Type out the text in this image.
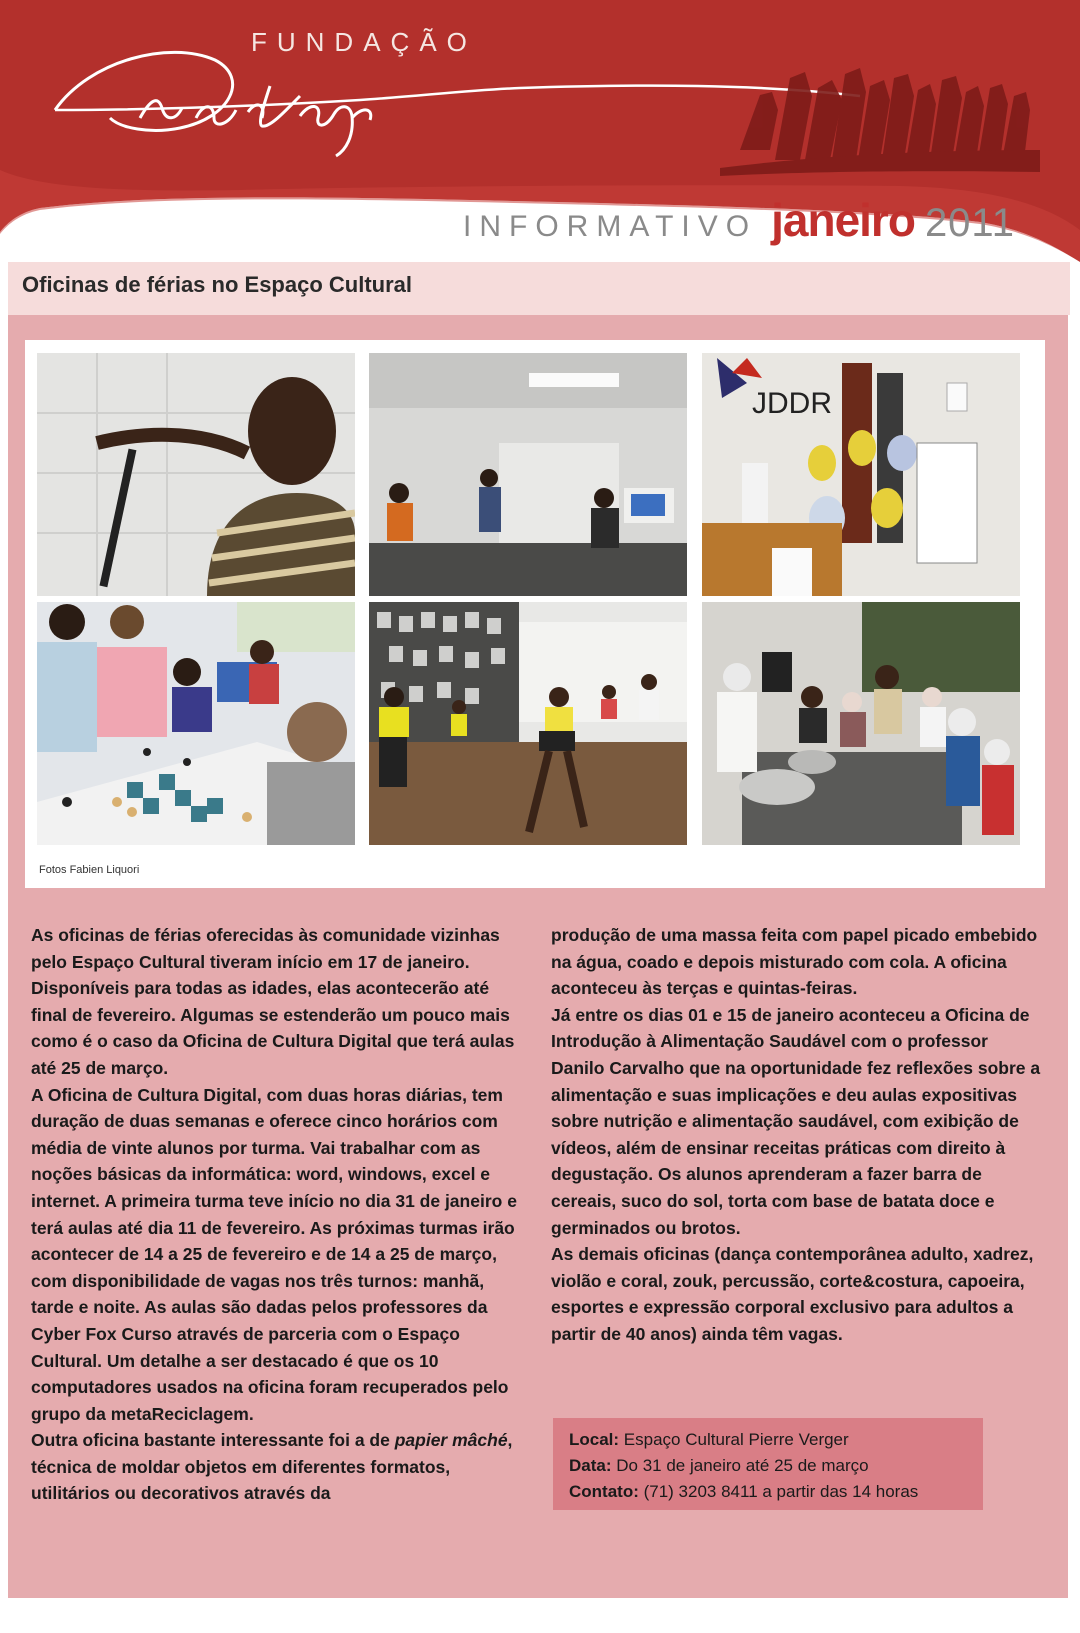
FUNDAÇÃO
INFORMATIVO janeiro 2011
Oficinas de férias no Espaço Cultural
JDDR
Fotos Fabien Liquori

As oficinas de férias oferecidas às comunidade vizinhas pelo Espaço Cultural tiveram início em 17 de janeiro. Disponíveis para todas as idades, elas acontecerão até final de fevereiro. Algumas se estenderão um pouco mais como é o caso da Oficina de Cultura Digital que terá aulas até 25 de março.

A Oficina de Cultura Digital, com duas horas diárias, tem duração de duas semanas e oferece cinco horários com média de vinte alunos por turma. Vai trabalhar com as noções básicas da informática: word, windows, excel e internet. A primeira turma teve início no dia 31 de janeiro e terá aulas até dia 11 de fevereiro. As próximas turmas irão acontecer de 14 a 25 de fevereiro e de 14 a 25 de março, com disponibilidade de vagas nos três turnos: manhã, tarde e noite. As aulas são dadas pelos professores da Cyber Fox Curso através de parceria com o Espaço Cultural. Um detalhe a ser destacado é que os 10 computadores usados na oficina foram recuperados pelo grupo da metaReciclagem.

Outra oficina bastante interessante foi a de papier mâché, técnica de moldar objetos em diferentes formatos, utilitários ou decorativos através da

produção de uma massa feita com papel picado embebido na água, coado e depois misturado com cola. A oficina aconteceu às terças e quintas-feiras.

Já entre os dias 01 e 15 de janeiro aconteceu a Oficina de Introdução à Alimentação Saudável com o professor Danilo Carvalho que na oportunidade fez reflexões sobre a alimentação e suas implicações e deu aulas expositivas sobre nutrição e alimentação saudável, com exibição de vídeos, além de ensinar receitas práticas com direito à degustação. Os alunos aprenderam a fazer barra de cereais, suco do sol, torta com base de batata doce e germinados ou brotos.

As demais oficinas (dança contemporânea adulto, xadrez, violão e coral, zouk, percussão, corte&costura, capoeira, esportes e expressão corporal exclusivo para adultos a partir de 40 anos) ainda têm vagas.

Local: Espaço Cultural Pierre Verger
Data: Do 31 de janeiro até 25 de março
Contato: (71) 3203 8411 a partir das 14 horas
